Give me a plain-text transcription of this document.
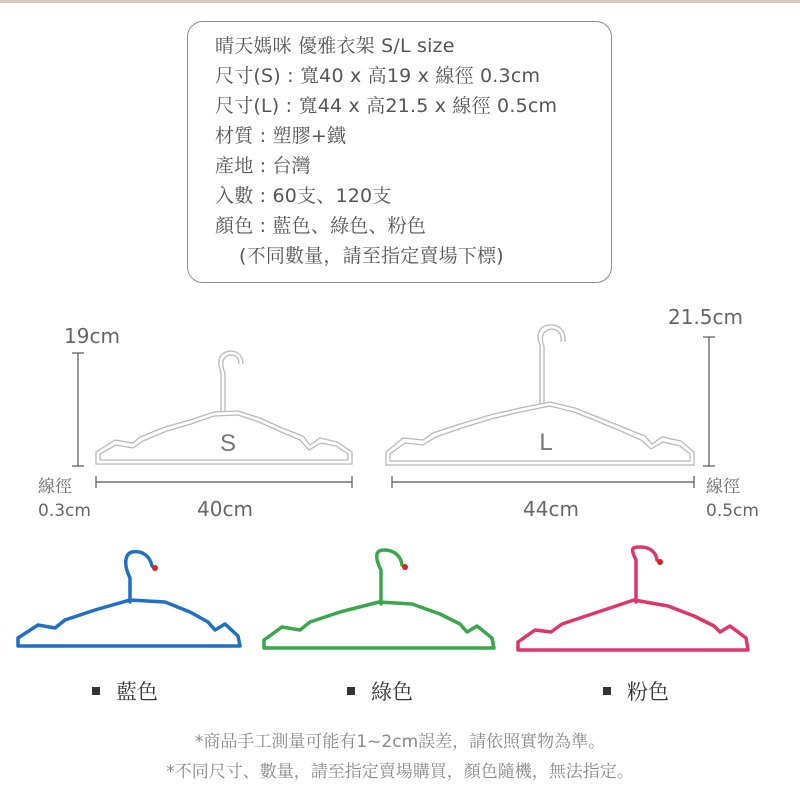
晴天媽咪 優雅衣架 S/L size
尺寸(S) : 寬40 x 高19 x 線徑 0.3cm
尺寸(L) : 寬44 x 高21.5 x 線徑 0.5cm
材質 : 塑膠+鐵
產地 : 台灣
入數 : 60支、120支
顏色 : 藍色、綠色、粉色
(不同數量，請至指定賣場下標)
S	L
19cm
40cm
線徑
0.3cm
21.5cm
44cm
線徑
0.5cm
藍色	綠色	粉色
*商品手工測量可能有1~2cm誤差，請依照實物為準。
*不同尺寸、數量，請至指定賣場購買，顏色隨機，無法指定。
